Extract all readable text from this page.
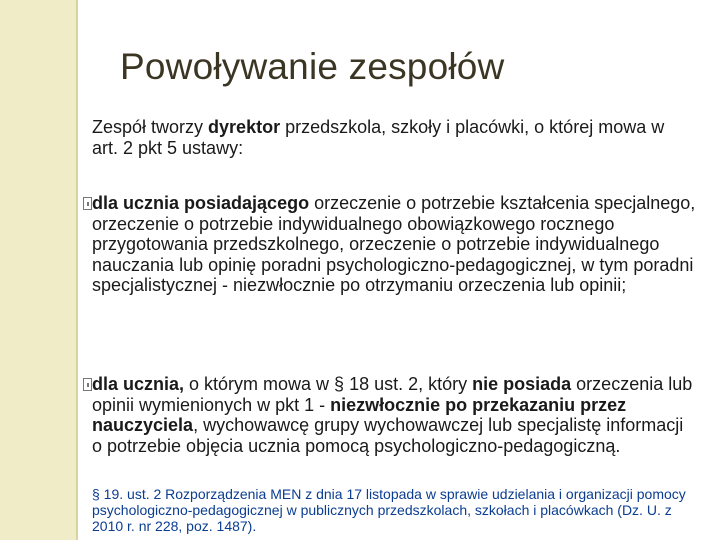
Powoływanie zespołów

Zespół tworzy dyrektor przedszkola, szkoły i placówki, o której mowa w art. 2 pkt 5 ustawy:

dla ucznia posiadającego orzeczenie o potrzebie kształcenia specjalnego, orzeczenie o potrzebie indywidualnego obowiązkowego rocznego przygotowania przedszkolnego, orzeczenie o potrzebie indywidualnego nauczania lub opinię poradni psychologiczno-pedagogicznej, w tym poradni specjalistycznej - niezwłocznie po otrzymaniu orzeczenia lub opinii;

dla ucznia, o którym mowa w § 18 ust. 2, który nie posiada orzeczenia lub opinii wymienionych w pkt 1 - niezwłocznie po przekazaniu przez nauczyciela, wychowawcę grupy wychowawczej lub specjalistę informacji o potrzebie objęcia ucznia pomocą psychologiczno-pedagogiczną.

§ 19. ust. 2 Rozporządzenia MEN z dnia 17 listopada w sprawie udzielania i organizacji pomocy psychologiczno-pedagogicznej w publicznych przedszkolach, szkołach i placówkach (Dz. U. z 2010 r. nr 228, poz. 1487).
